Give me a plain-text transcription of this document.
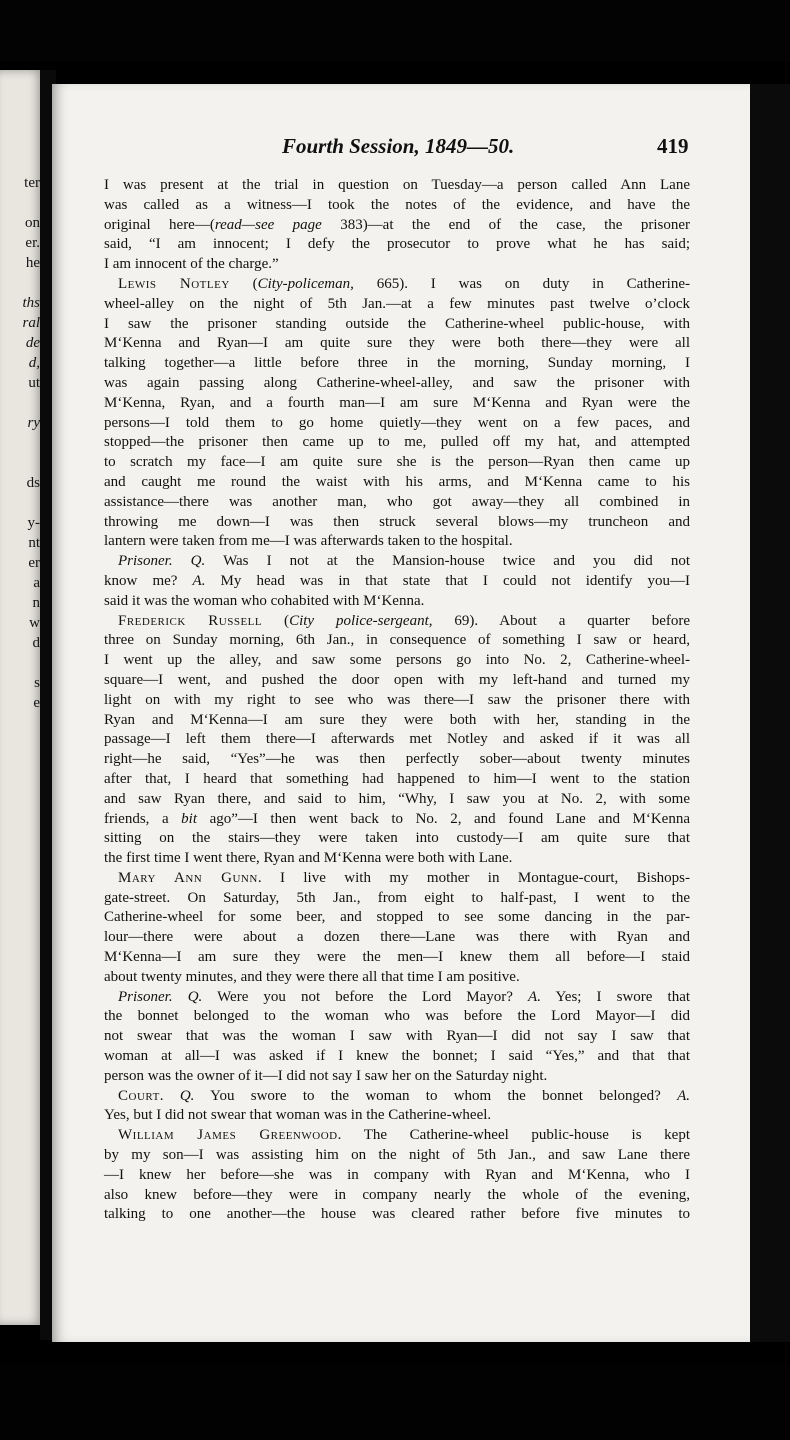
ter
on
er.
he
ths
ral
de
d,
ut
ry
ds
y-
nt
er
a
n
w
d
s
e
Fourth Session, 1849—50.	419
I was present at the trial in question on Tuesday—a person called Ann Lane
was called as a witness—I took the notes of the evidence, and have the
original here—(read—see page 383)—at the end of the case, the prisoner
said, “I am innocent; I defy the prosecutor to prove what he has said;
I am innocent of the charge.”
Lewis Notley (City-policeman, 665). I was on duty in Catherine-
wheel-alley on the night of 5th Jan.—at a few minutes past twelve o’clock
I saw the prisoner standing outside the Catherine-wheel public-house, with
M‘Kenna and Ryan—I am quite sure they were both there—they were all
talking together—a little before three in the morning, Sunday morning, I
was again passing along Catherine-wheel-alley, and saw the prisoner with
M‘Kenna, Ryan, and a fourth man—I am sure M‘Kenna and Ryan were the
persons—I told them to go home quietly—they went on a few paces, and
stopped—the prisoner then came up to me, pulled off my hat, and attempted
to scratch my face—I am quite sure she is the person—Ryan then came up
and caught me round the waist with his arms, and M‘Kenna came to his
assistance—there was another man, who got away—they all combined in
throwing me down—I was then struck several blows—my truncheon and
lantern were taken from me—I was afterwards taken to the hospital.
Prisoner. Q. Was I not at the Mansion-house twice and you did not
know me? A. My head was in that state that I could not identify you—I
said it was the woman who cohabited with M‘Kenna.
Frederick Russell (City police-sergeant, 69). About a quarter before
three on Sunday morning, 6th Jan., in consequence of something I saw or heard,
I went up the alley, and saw some persons go into No. 2, Catherine-wheel-
square—I went, and pushed the door open with my left-hand and turned my
light on with my right to see who was there—I saw the prisoner there with
Ryan and M‘Kenna—I am sure they were both with her, standing in the
passage—I left them there—I afterwards met Notley and asked if it was all
right—he said, “Yes”—he was then perfectly sober—about twenty minutes
after that, I heard that something had happened to him—I went to the station
and saw Ryan there, and said to him, “Why, I saw you at No. 2, with some
friends, a bit ago”—I then went back to No. 2, and found Lane and M‘Kenna
sitting on the stairs—they were taken into custody—I am quite sure that
the first time I went there, Ryan and M‘Kenna were both with Lane.
Mary Ann Gunn. I live with my mother in Montague-court, Bishops-
gate-street. On Saturday, 5th Jan., from eight to half-past, I went to the
Catherine-wheel for some beer, and stopped to see some dancing in the par-
lour—there were about a dozen there—Lane was there with Ryan and
M‘Kenna—I am sure they were the men—I knew them all before—I staid
about twenty minutes, and they were there all that time I am positive.
Prisoner. Q. Were you not before the Lord Mayor? A. Yes; I swore that
the bonnet belonged to the woman who was before the Lord Mayor—I did
not swear that was the woman I saw with Ryan—I did not say I saw that
woman at all—I was asked if I knew the bonnet; I said “Yes,” and that that
person was the owner of it—I did not say I saw her on the Saturday night.
Court. Q. You swore to the woman to whom the bonnet belonged? A.
Yes, but I did not swear that woman was in the Catherine-wheel.
William James Greenwood. The Catherine-wheel public-house is kept
by my son—I was assisting him on the night of 5th Jan., and saw Lane there
—I knew her before—she was in company with Ryan and M‘Kenna, who I
also knew before—they were in company nearly the whole of the evening,
talking to one another—the house was cleared rather before five minutes to
